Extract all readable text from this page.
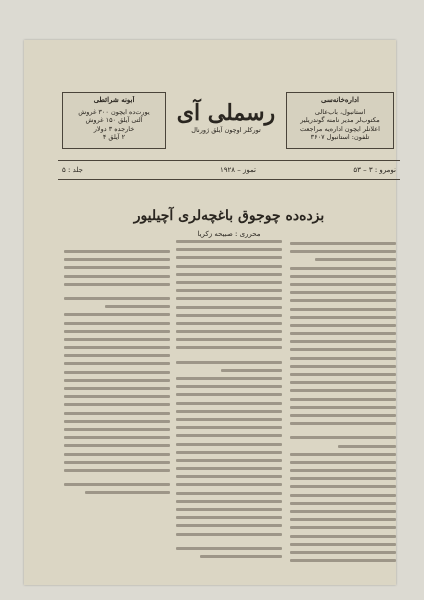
آبونه شرائطی
یورت‌ده ایچون ۳۰۰ غروش
آلتی آیلق ۱۵۰ غروش
خارجده ۳ دولار
۲ آیلق ۴
رسملی آی
تورکلر اوچون آیلق ژورنال
اداره‌خانه‌سی
استانبول، باب‌عالی
مکتوب‌لر مدیر نامنه گوندریلیر
اعلانلر ایچون اداره‌یه مراجعت
تلفون: استانبول ۳۶۰۷
نومرو : ۳ – ۵۳
تموز – ۱۹۲۸
جلد : ۵
بزده‌ده چوجوق باغچه‌لری آچیلیور
محرری : صبیحه زکریا
